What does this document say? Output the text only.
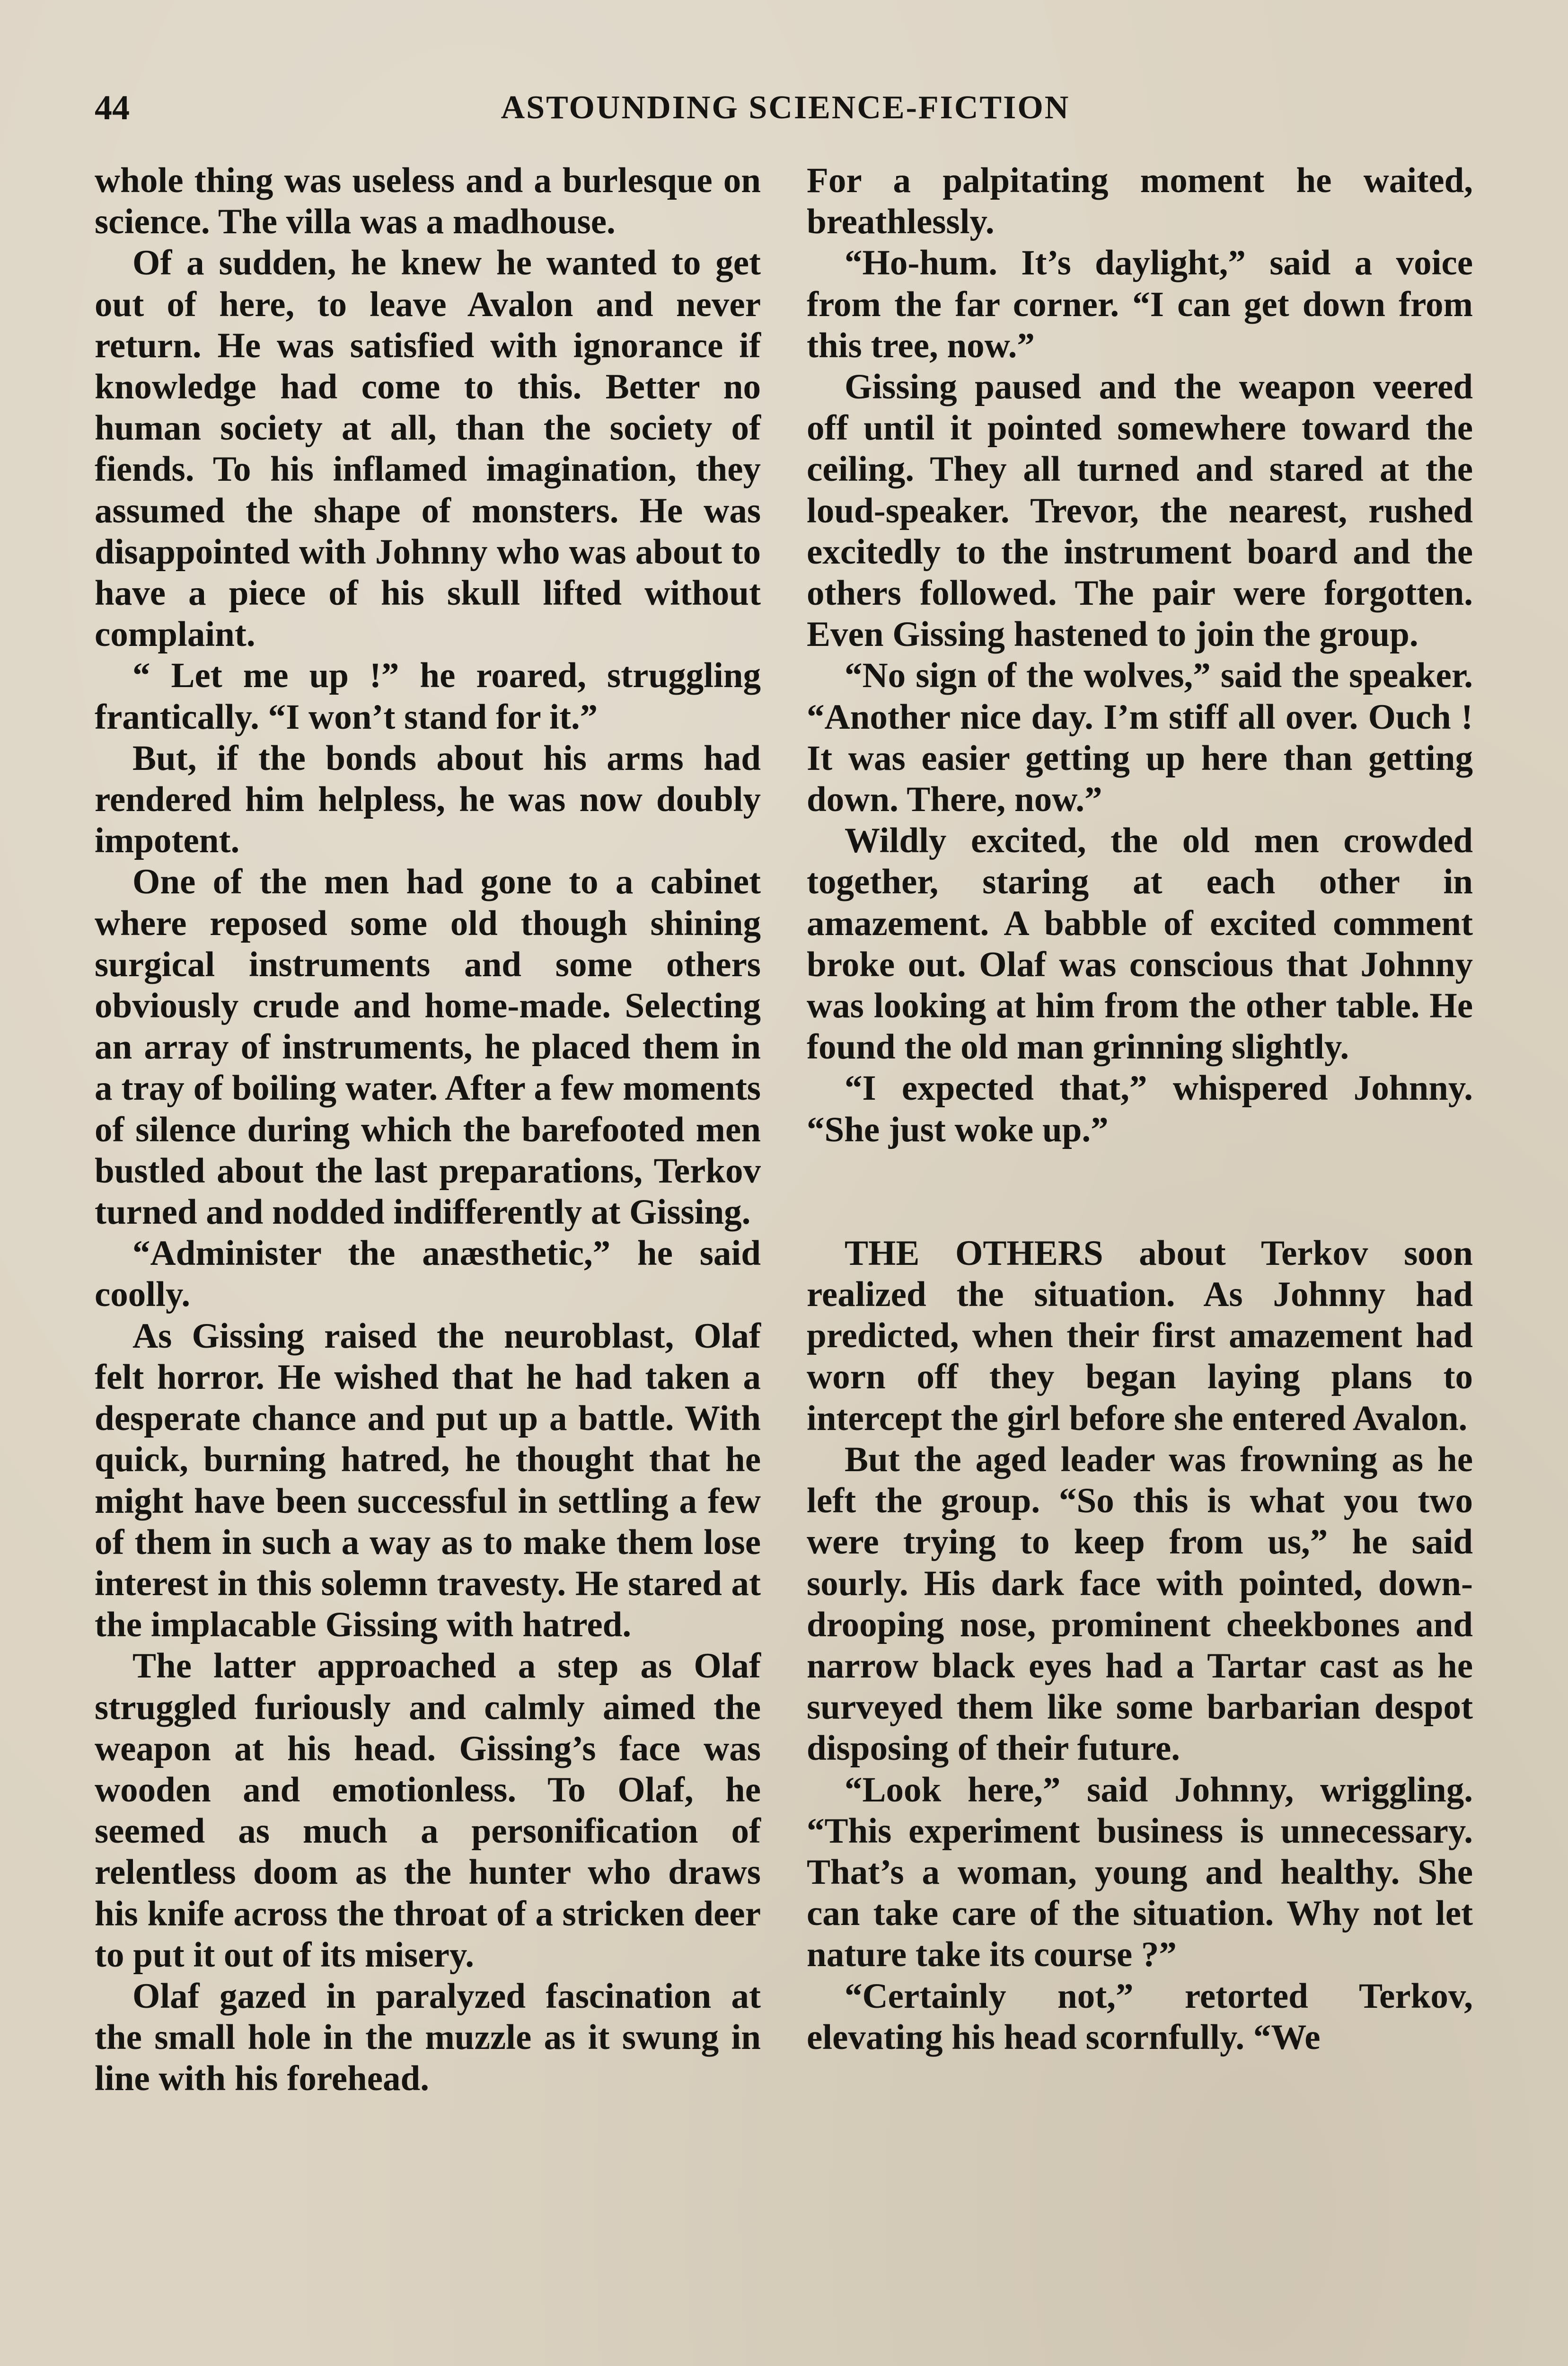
44	ASTOUNDING SCIENCE-FICTION

whole thing was useless and a burlesque on science. The villa was a madhouse.

Of a sudden, he knew he wanted to get out of here, to leave Avalon and never return. He was satisfied with ignorance if knowledge had come to this. Better no human society at all, than the society of fiends. To his inflamed imagination, they assumed the shape of monsters. He was disappointed with Johnny who was about to have a piece of his skull lifted without complaint.

“ Let me up !” he roared, struggling frantically. “I won’t stand for it.”

But, if the bonds about his arms had rendered him helpless, he was now doubly impotent.

One of the men had gone to a cabinet where reposed some old though shining surgical instruments and some others obviously crude and home-made. Selecting an array of instruments, he placed them in a tray of boiling water. After a few moments of silence during which the barefooted men bustled about the last preparations, Terkov turned and nodded indifferently at Gissing.

“Administer the anæsthetic,” he said coolly.

As Gissing raised the neuroblast, Olaf felt horror. He wished that he had taken a desperate chance and put up a battle. With quick, burning hatred, he thought that he might have been successful in settling a few of them in such a way as to make them lose interest in this solemn travesty. He stared at the implacable Gissing with hatred.

The latter approached a step as Olaf struggled furiously and calmly aimed the weapon at his head. Gissing’s face was wooden and emotionless. To Olaf, he seemed as much a personification of relentless doom as the hunter who draws his knife across the throat of a stricken deer to put it out of its misery.

Olaf gazed in paralyzed fascination at the small hole in the muzzle as it swung in line with his forehead.

For a palpitating moment he waited, breathlessly.

“Ho-hum. It’s daylight,” said a voice from the far corner. “I can get down from this tree, now.”

Gissing paused and the weapon veered off until it pointed somewhere toward the ceiling. They all turned and stared at the loud-speaker. Trevor, the nearest, rushed excitedly to the instrument board and the others followed. The pair were forgotten. Even Gissing hastened to join the group.

“No sign of the wolves,” said the speaker. “Another nice day. I’m stiff all over. Ouch ! It was easier getting up here than getting down. There, now.”

Wildly excited, the old men crowded together, staring at each other in amazement. A babble of excited comment broke out. Olaf was conscious that Johnny was looking at him from the other table. He found the old man grinning slightly.

“I expected that,” whispered Johnny. “She just woke up.”

THE OTHERS about Terkov soon realized the situation. As Johnny had predicted, when their first amazement had worn off they began laying plans to intercept the girl before she entered Avalon.

But the aged leader was frowning as he left the group. “So this is what you two were trying to keep from us,” he said sourly. His dark face with pointed, down-drooping nose, prominent cheekbones and narrow black eyes had a Tartar cast as he surveyed them like some barbarian despot disposing of their future.

“Look here,” said Johnny, wriggling. “This experiment business is unnecessary. That’s a woman, young and healthy. She can take care of the situation. Why not let nature take its course ?”

“Certainly not,” retorted Terkov, elevating his head scornfully. “We
